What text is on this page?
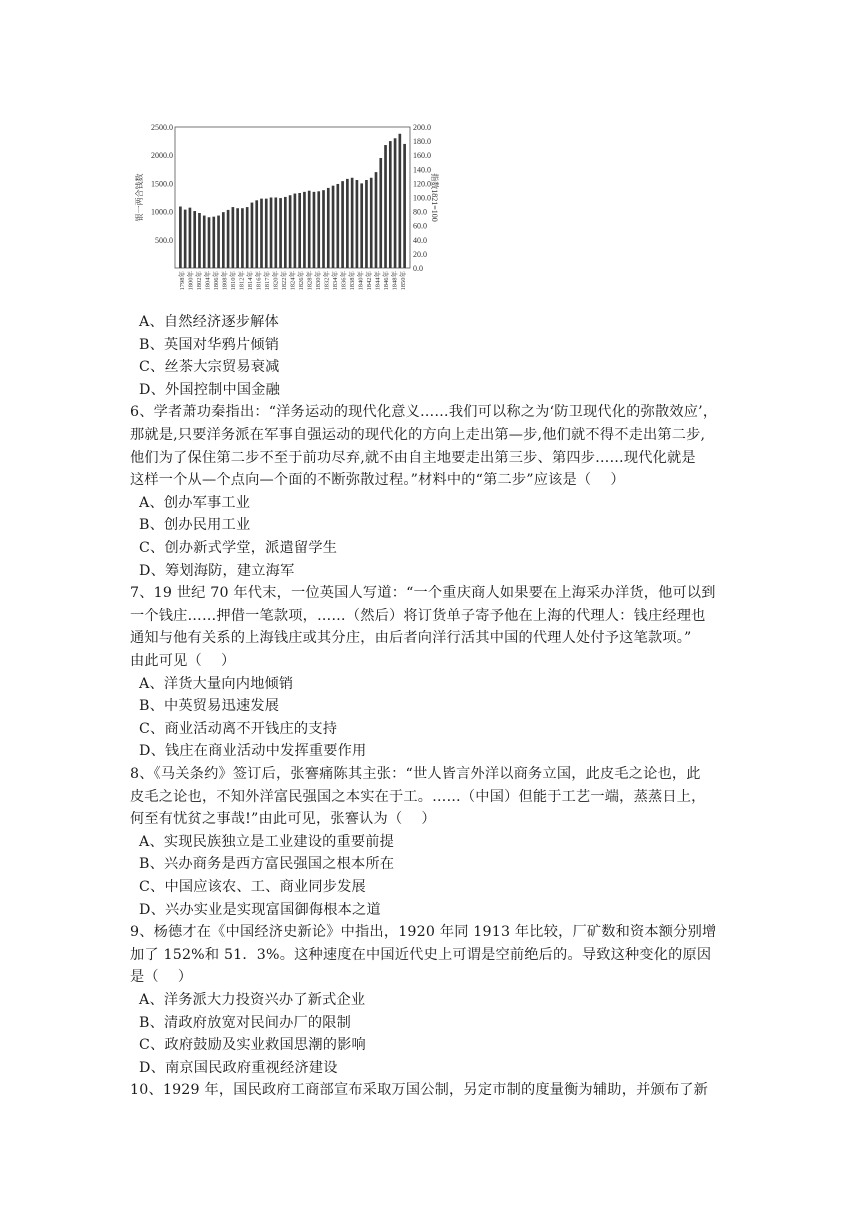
500.0
1000.0
1500.0
2000.0
2500.0
0.0
20.0
40.0
60.0
80.0
100.0
120.0
140.0
160.0
180.0
200.0
银一两合钱数	指数1821=100
1798年 1800年 1802年 1804年 1806年 1808年 1810年 1812年 1814年 1816年 1817年 1820年 1822年 1824年 1826年 1828年 1830年 1832年 1834年 1836年 1838年 1840年 1842年 1844年 1846年 1848年 1850年
A、自然经济逐步解体
B、英国对华鸦片倾销
C、丝茶大宗贸易衰减
D、外国控制中国金融
6、学者萧功秦指出：“洋务运动的现代化意义……我们可以称之为‘防卫现代化的弥散效应’，
那就是,只要洋务派在军事自强运动的现代化的方向上走出第—步,他们就不得不走出第二步,
他们为了保住第二步不至于前功尽弃,就不由自主地要走出第三步、第四步……现代化就是
这样一个从—个点向—个面的不断弥散过程。”材料中的“第二步”应该是（　 ）
A、创办军事工业
B、创办民用工业
C、创办新式学堂，派遣留学生
D、筹划海防，建立海军
7、19 世纪 70 年代末，一位英国人写道：“一个重庆商人如果要在上海采办洋货，他可以到
一个钱庄……押借一笔款项，……（然后）将订货单子寄予他在上海的代理人：钱庄经理也
通知与他有关系的上海钱庄或其分庄，由后者向洋行活其中国的代理人处付予这笔款项。”
由此可见（　 ）
A、洋货大量向内地倾销
B、中英贸易迅速发展
C、商业活动离不开钱庄的支持
D、钱庄在商业活动中发挥重要作用
8、《马关条约》签订后，张謇痛陈其主张：“世人皆言外洋以商务立国，此皮毛之论也，此
皮毛之论也，不知外洋富民强国之本实在于工。……（中国）但能于工艺一端，蒸蒸日上，
何至有忧贫之事哉!”由此可见，张謇认为（　 ）
A、实现民族独立是工业建设的重要前提
B、兴办商务是西方富民强国之根本所在
C、中国应该农、工、商业同步发展
D、兴办实业是实现富国御侮根本之道
9、杨德才在《中国经济史新论》中指出，1920 年同 1913 年比较，厂矿数和资本额分别增
加了 152%和 51．3%。这种速度在中国近代史上可谓是空前绝后的。导致这种变化的原因
是（　 ）
A、洋务派大力投资兴办了新式企业
B、清政府放宽对民间办厂的限制
C、政府鼓励及实业救国思潮的影响
D、南京国民政府重视经济建设
10、1929 年，国民政府工商部宣布采取万国公制，另定市制的度量衡为辅助，并颁布了新
